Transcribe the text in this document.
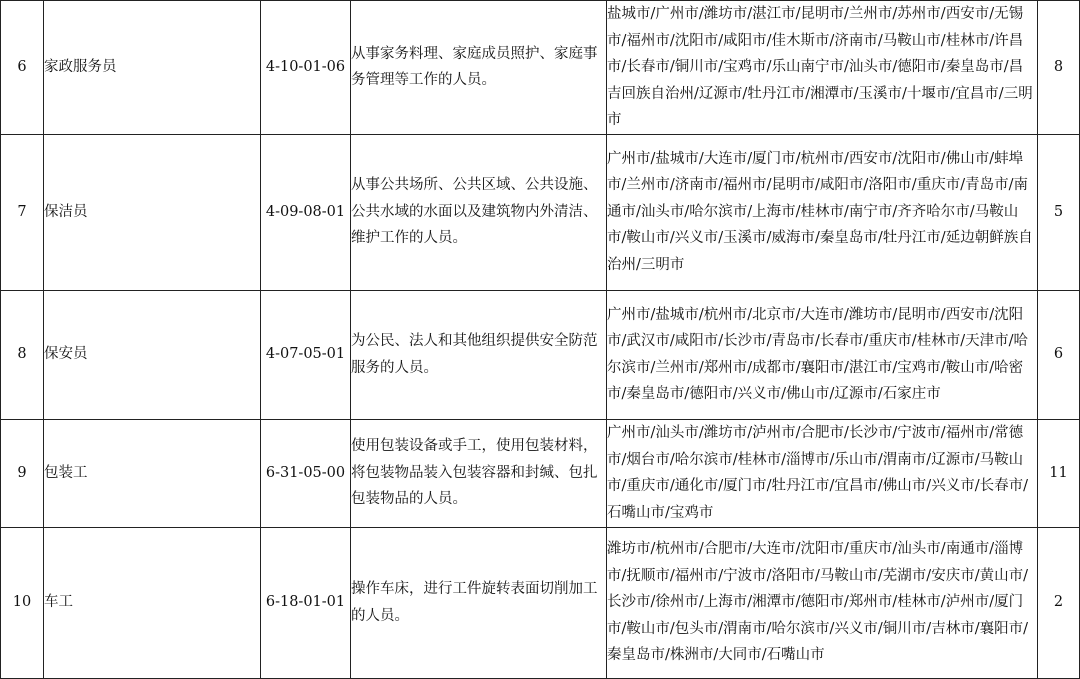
6	家政服务员	4-10-01-06	从事家务料理、家庭成员照护、家庭事务管理等工作的人员。	盐城市/广州市/潍坊市/湛江市/昆明市/兰州市/苏州市/西安市/无锡市/福州市/沈阳市/咸阳市/佳木斯市/济南市/马鞍山市/桂林市/许昌市/长春市/铜川市/宝鸡市/乐山南宁市/汕头市/德阳市/秦皇岛市/昌吉回族自治州/辽源市/牡丹江市/湘潭市/玉溪市/十堰市/宜昌市/三明市	8
7	保洁员	4-09-08-01	从事公共场所、公共区域、公共设施、公共水域的水面以及建筑物内外清洁、维护工作的人员。	广州市/盐城市/大连市/厦门市/杭州市/西安市/沈阳市/佛山市/蚌埠市/兰州市/济南市/福州市/昆明市/咸阳市/洛阳市/重庆市/青岛市/南通市/汕头市/哈尔滨市/上海市/桂林市/南宁市/齐齐哈尔市/马鞍山市/鞍山市/兴义市/玉溪市/威海市/秦皇岛市/牡丹江市/延边朝鲜族自治州/三明市	5
8	保安员	4-07-05-01	为公民、法人和其他组织提供安全防范服务的人员。	广州市/盐城市/杭州市/北京市/大连市/潍坊市/昆明市/西安市/沈阳市/武汉市/咸阳市/长沙市/青岛市/长春市/重庆市/桂林市/天津市/哈尔滨市/兰州市/郑州市/成都市/襄阳市/湛江市/宝鸡市/鞍山市/哈密市/秦皇岛市/德阳市/兴义市/佛山市/辽源市/石家庄市	6
9	包装工	6-31-05-00	使用包装设备或手工，使用包装材料，将包装物品装入包装容器和封缄、包扎包装物品的人员。	广州市/汕头市/潍坊市/泸州市/合肥市/长沙市/宁波市/福州市/常德市/烟台市/哈尔滨市/桂林市/淄博市/乐山市/渭南市/辽源市/马鞍山市/重庆市/通化市/厦门市/牡丹江市/宜昌市/佛山市/兴义市/长春市/石嘴山市/宝鸡市	11
10	车工	6-18-01-01	操作车床，进行工件旋转表面切削加工的人员。	潍坊市/杭州市/合肥市/大连市/沈阳市/重庆市/汕头市/南通市/淄博市/抚顺市/福州市/宁波市/洛阳市/马鞍山市/芜湖市/安庆市/黄山市/长沙市/徐州市/上海市/湘潭市/德阳市/郑州市/桂林市/泸州市/厦门市/鞍山市/包头市/渭南市/哈尔滨市/兴义市/铜川市/吉林市/襄阳市/秦皇岛市/株洲市/大同市/石嘴山市	2
